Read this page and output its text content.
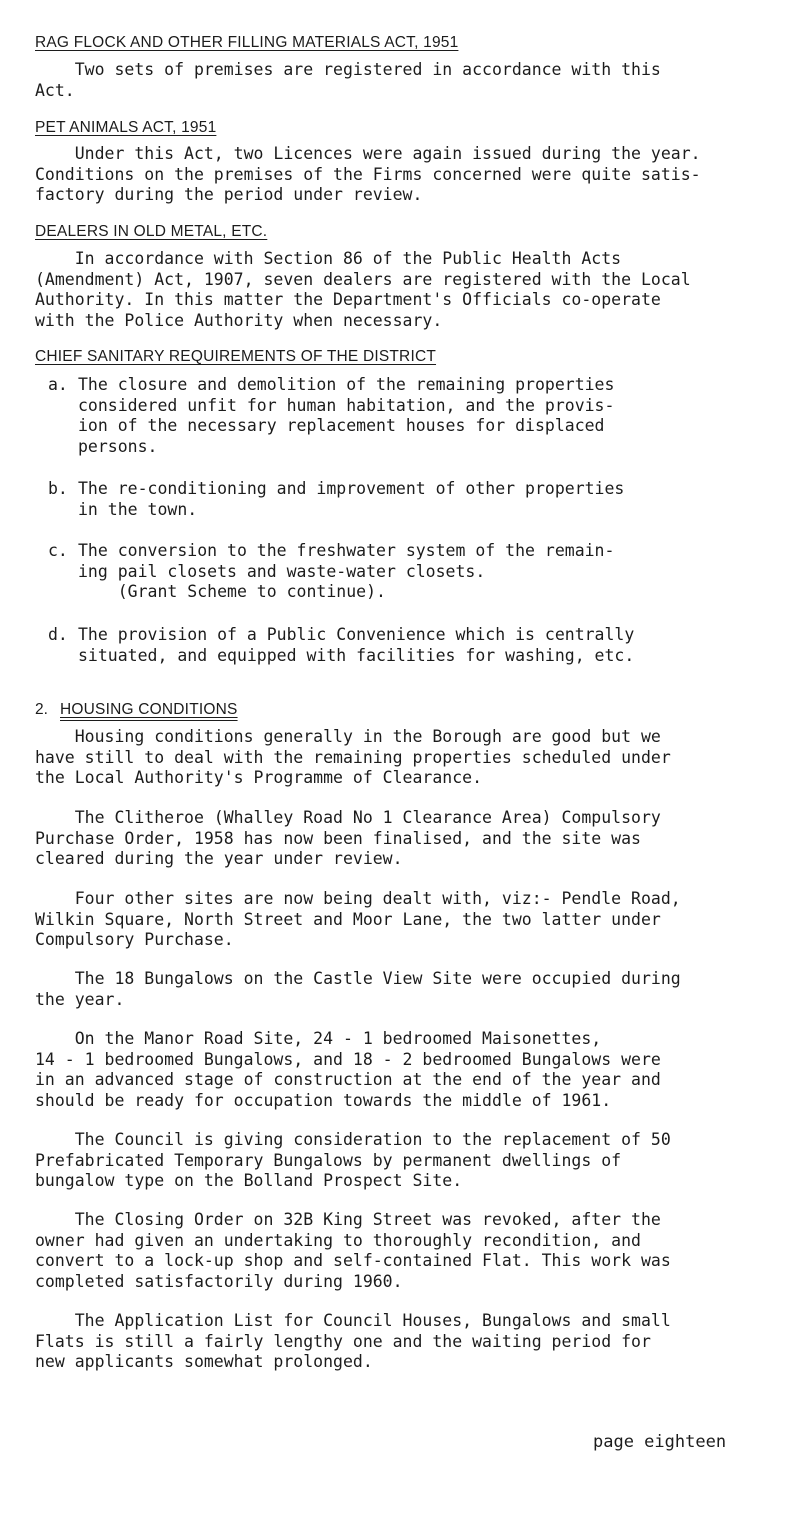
RAG FLOCK AND OTHER FILLING MATERIALS ACT, 1951
Two sets of premises are registered in accordance with this
Act.
PET ANIMALS ACT, 1951
Under this Act, two Licences were again issued during the year.
Conditions on the premises of the Firms concerned were quite satis-
factory during the period under review.
DEALERS IN OLD METAL, ETC.
In accordance with Section 86 of the Public Health Acts
(Amendment) Act, 1907, seven dealers are registered with the Local
Authority. In this matter the Department's Officials co-operate
with the Police Authority when necessary.
CHIEF SANITARY REQUIREMENTS OF THE DISTRICT
a. The closure and demolition of the remaining properties
considered unfit for human habitation, and the provis-
ion of the necessary replacement houses for displaced
persons.
b. The re-conditioning and improvement of other properties
in the town.
c. The conversion to the freshwater system of the remain-
ing pail closets and waste-water closets.
(Grant Scheme to continue).
d. The provision of a Public Convenience which is centrally
situated, and equipped with facilities for washing, etc.
2. HOUSING CONDITIONS
Housing conditions generally in the Borough are good but we
have still to deal with the remaining properties scheduled under
the Local Authority's Programme of Clearance.
The Clitheroe (Whalley Road No 1 Clearance Area) Compulsory
Purchase Order, 1958 has now been finalised, and the site was
cleared during the year under review.
Four other sites are now being dealt with, viz:- Pendle Road,
Wilkin Square, North Street and Moor Lane, the two latter under
Compulsory Purchase.
The 18 Bungalows on the Castle View Site were occupied during
the year.
On the Manor Road Site, 24 - 1 bedroomed Maisonettes,
14 - 1 bedroomed Bungalows, and 18 - 2 bedroomed Bungalows were
in an advanced stage of construction at the end of the year and
should be ready for occupation towards the middle of 1961.
The Council is giving consideration to the replacement of 50
Prefabricated Temporary Bungalows by permanent dwellings of
bungalow type on the Bolland Prospect Site.
The Closing Order on 32B King Street was revoked, after the
owner had given an undertaking to thoroughly recondition, and
convert to a lock-up shop and self-contained Flat. This work was
completed satisfactorily during 1960.
The Application List for Council Houses, Bungalows and small
Flats is still a fairly lengthy one and the waiting period for
new applicants somewhat prolonged.
page eighteen
